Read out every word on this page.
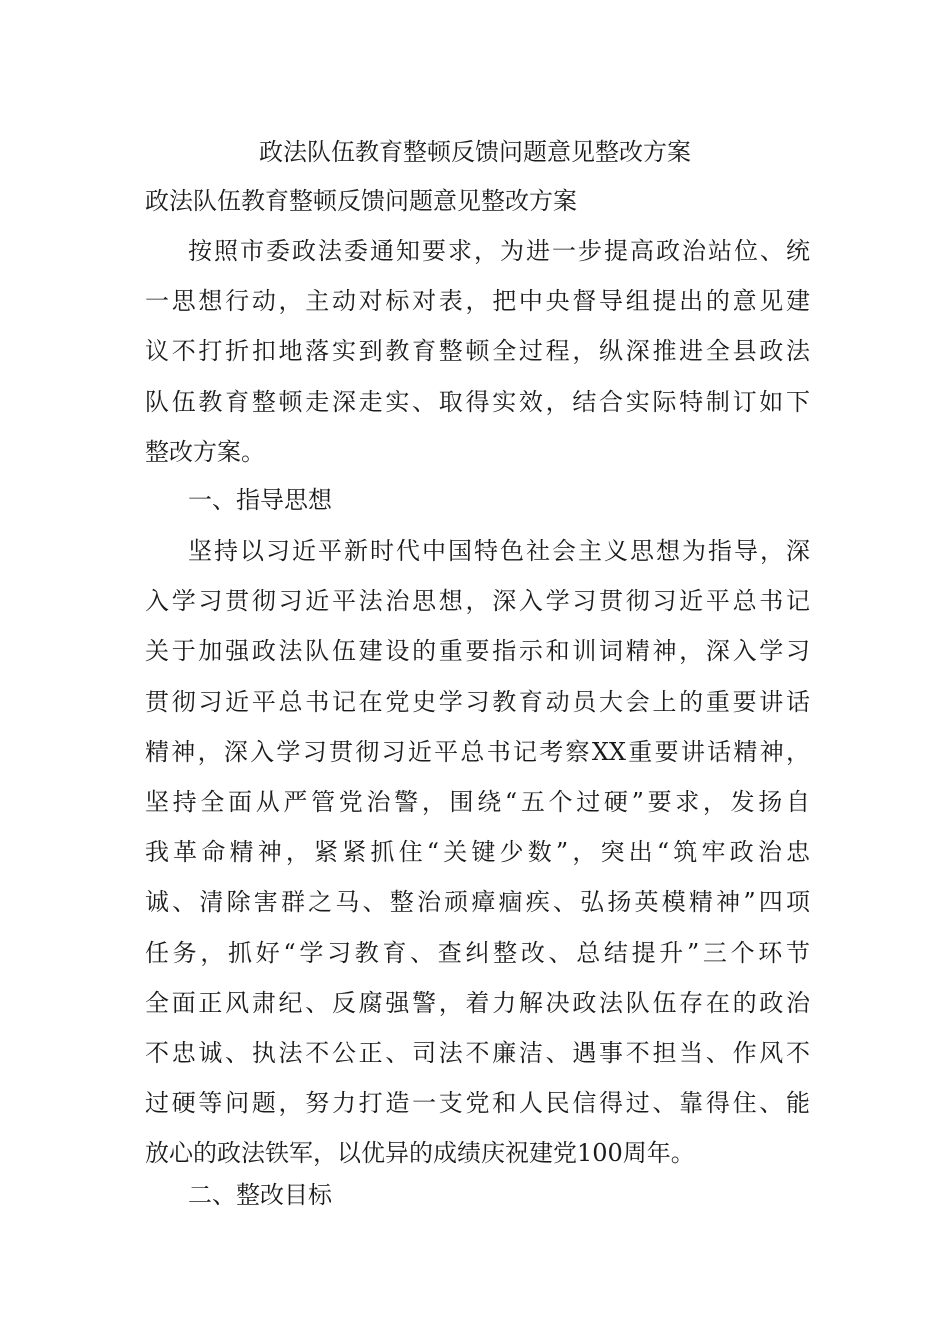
政法队伍教育整顿反馈问题意见整改方案

政法队伍教育整顿反馈问题意见整改方案

按照市委政法委通知要求，为进一步提高政治站位、统
一思想行动，主动对标对表，把中央督导组提出的意见建
议不打折扣地落实到教育整顿全过程，纵深推进全县政法
队伍教育整顿走深走实、取得实效，结合实际特制订如下
整改方案。
一、指导思想
坚持以习近平新时代中国特色社会主义思想为指导，深
入学习贯彻习近平法治思想，深入学习贯彻习近平总书记
关于加强政法队伍建设的重要指示和训词精神，深入学习
贯彻习近平总书记在党史学习教育动员大会上的重要讲话
精神，深入学习贯彻习近平总书记考察XX重要讲话精神，
坚持全面从严管党治警，围绕“五个过硬”要求，发扬自
我革命精神，紧紧抓住“关键少数”，突出“筑牢政治忠
诚、清除害群之马、整治顽瘴痼疾、弘扬英模精神”四项
任务，抓好“学习教育、查纠整改、总结提升”三个环节
全面正风肃纪、反腐强警，着力解决政法队伍存在的政治
不忠诚、执法不公正、司法不廉洁、遇事不担当、作风不
过硬等问题，努力打造一支党和人民信得过、靠得住、能
放心的政法铁军，以优异的成绩庆祝建党100周年。
二、整改目标
